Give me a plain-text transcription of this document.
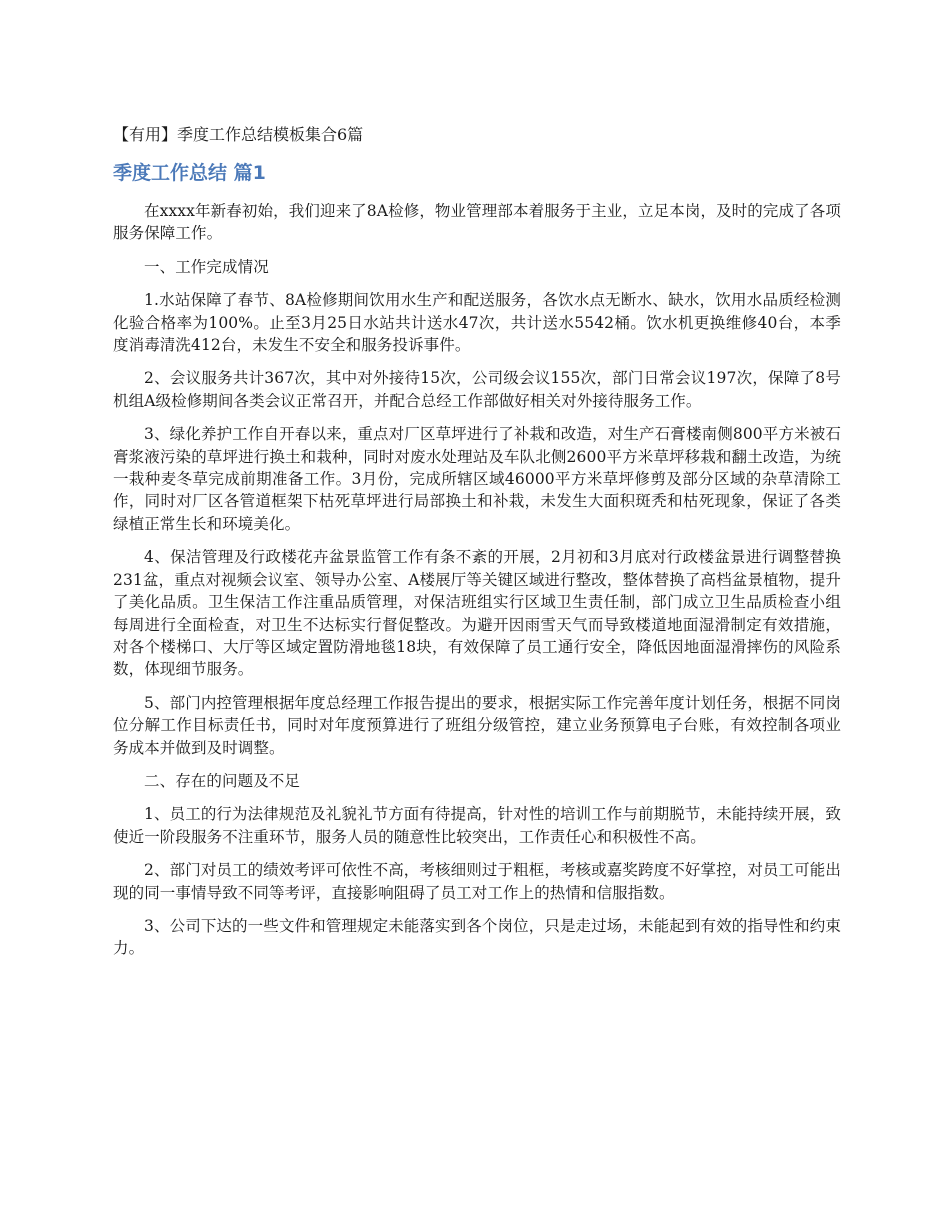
【有用】季度工作总结模板集合6篇
季度工作总结 篇1

在xxxx年新春初始，我们迎来了8A检修，物业管理部本着服务于主业，立足本岗，及时的完成了各项服务保障工作。

一、工作完成情况

1.水站保障了春节、8A检修期间饮用水生产和配送服务，各饮水点无断水、缺水，饮用水品质经检测化验合格率为100%。止至3月25日水站共计送水47次，共计送水5542桶。饮水机更换维修40台，本季度消毒清洗412台，未发生不安全和服务投诉事件。

2、会议服务共计367次，其中对外接待15次，公司级会议155次，部门日常会议197次，保障了8号机组A级检修期间各类会议正常召开，并配合总经工作部做好相关对外接待服务工作。

3、绿化养护工作自开春以来，重点对厂区草坪进行了补栽和改造，对生产石膏楼南侧800平方米被石膏浆液污染的草坪进行换土和栽种，同时对废水处理站及车队北侧2600平方米草坪移栽和翻土改造，为统一栽种麦冬草完成前期准备工作。3月份，完成所辖区域46000平方米草坪修剪及部分区域的杂草清除工作，同时对厂区各管道框架下枯死草坪进行局部换土和补栽，未发生大面积斑秃和枯死现象，保证了各类绿植正常生长和环境美化。

4、保洁管理及行政楼花卉盆景监管工作有条不紊的开展，2月初和3月底对行政楼盆景进行调整替换231盆，重点对视频会议室、领导办公室、A楼展厅等关键区域进行整改，整体替换了高档盆景植物，提升了美化品质。卫生保洁工作注重品质管理，对保洁班组实行区域卫生责任制，部门成立卫生品质检查小组每周进行全面检查，对卫生不达标实行督促整改。为避开因雨雪天气而导致楼道地面湿滑制定有效措施，对各个楼梯口、大厅等区域定置防滑地毯18块，有效保障了员工通行安全，降低因地面湿滑摔伤的风险系数，体现细节服务。

5、部门内控管理根据年度总经理工作报告提出的要求，根据实际工作完善年度计划任务，根据不同岗位分解工作目标责任书，同时对年度预算进行了班组分级管控，建立业务预算电子台账，有效控制各项业务成本并做到及时调整。

二、存在的问题及不足

1、员工的行为法律规范及礼貌礼节方面有待提高，针对性的培训工作与前期脱节，未能持续开展，致使近一阶段服务不注重环节，服务人员的随意性比较突出，工作责任心和积极性不高。

2、部门对员工的绩效考评可依性不高，考核细则过于粗框，考核或嘉奖跨度不好掌控，对员工可能出现的同一事情导致不同等考评，直接影响阻碍了员工对工作上的热情和信服指数。

3、公司下达的一些文件和管理规定未能落实到各个岗位，只是走过场，未能起到有效的指导性和约束力。
